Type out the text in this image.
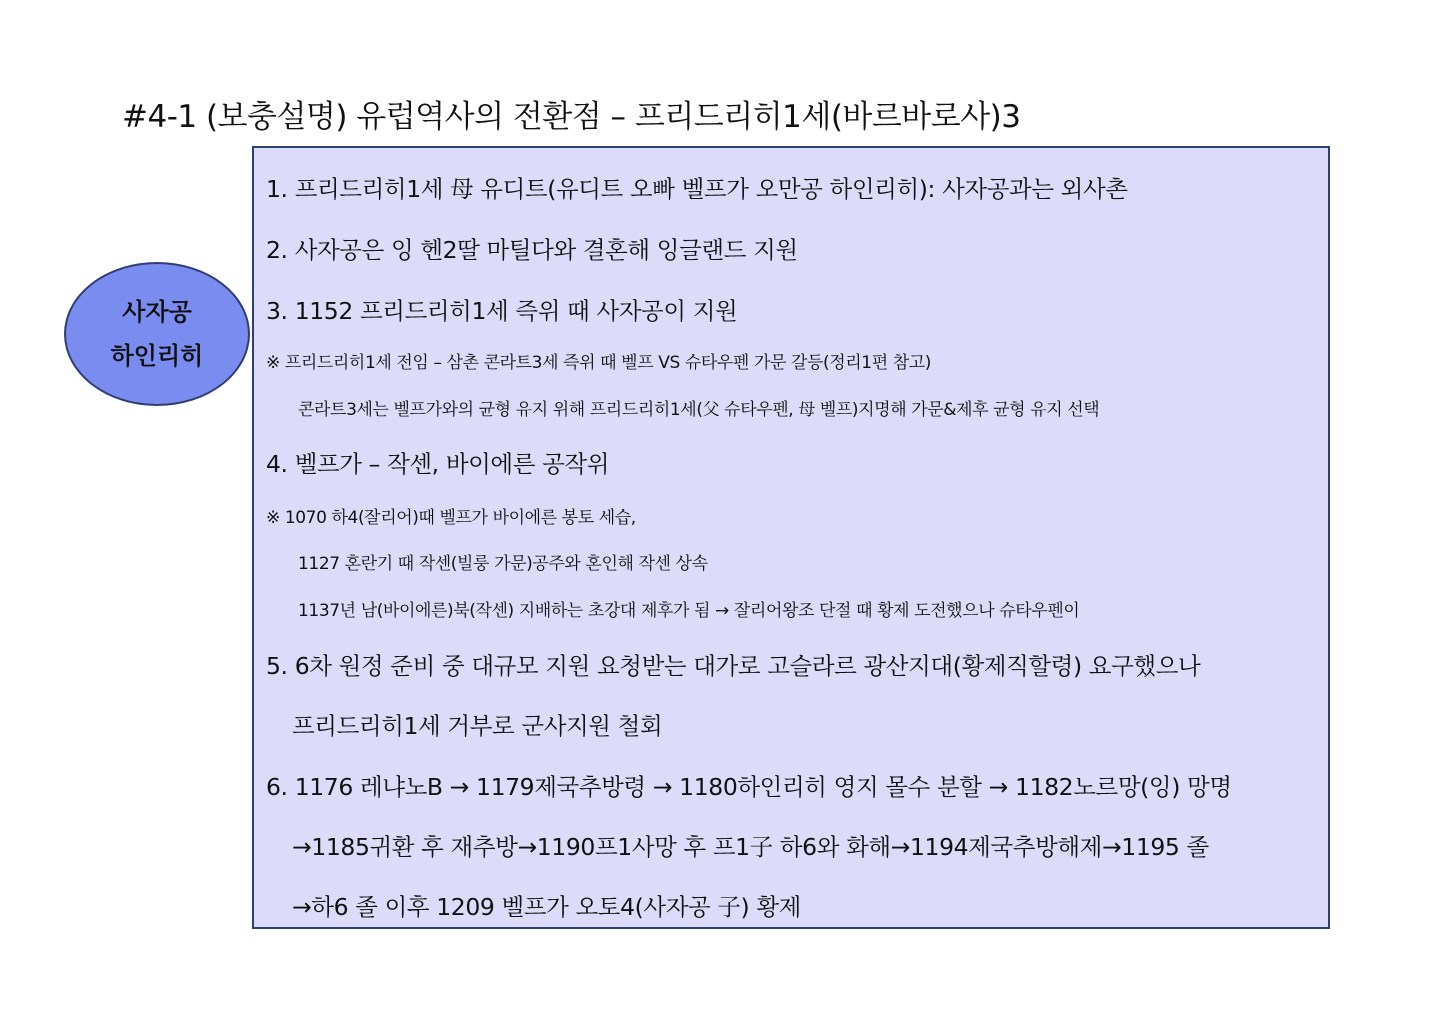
#4-1 (보충설명) 유럽역사의 전환점 – 프리드리히1세(바르바로사)3
사자공
하인리히
1. 프리드리히1세 母 유디트(유디트 오빠 벨프가 오만공 하인리히): 사자공과는 외사촌
2. 사자공은 잉 헨2딸 마틸다와 결혼해 잉글랜드 지원
3. 1152 프리드리히1세 즉위 때 사자공이 지원
※ 프리드리히1세 전임 – 삼촌 콘라트3세 즉위 때 벨프 VS 슈타우펜 가문 갈등(정리1편 참고)
콘라트3세는 벨프가와의 균형 유지 위해 프리드리히1세(父 슈타우펜, 母 벨프)지명해 가문&제후 균형 유지 선택
4. 벨프가 – 작센, 바이에른 공작위
※ 1070 하4(잘리어)때 벨프가 바이에른 봉토 세습,
1127 혼란기 때 작센(빌룽 가문)공주와 혼인해 작센 상속
1137년 남(바이에른)북(작센) 지배하는 초강대 제후가 됨 → 잘리어왕조 단절 때 황제 도전했으나 슈타우펜이
5. 6차 원정 준비 중 대규모 지원 요청받는 대가로 고슬라르 광산지대(황제직할령) 요구했으나
프리드리히1세 거부로 군사지원 철회
6. 1176 레냐노B → 1179제국추방령 → 1180하인리히 영지 몰수 분할 → 1182노르망(잉) 망명
→1185귀환 후 재추방→1190프1사망 후 프1子 하6와 화해→1194제국추방해제→1195 졸
→하6 졸 이후 1209 벨프가 오토4(사자공 子) 황제
